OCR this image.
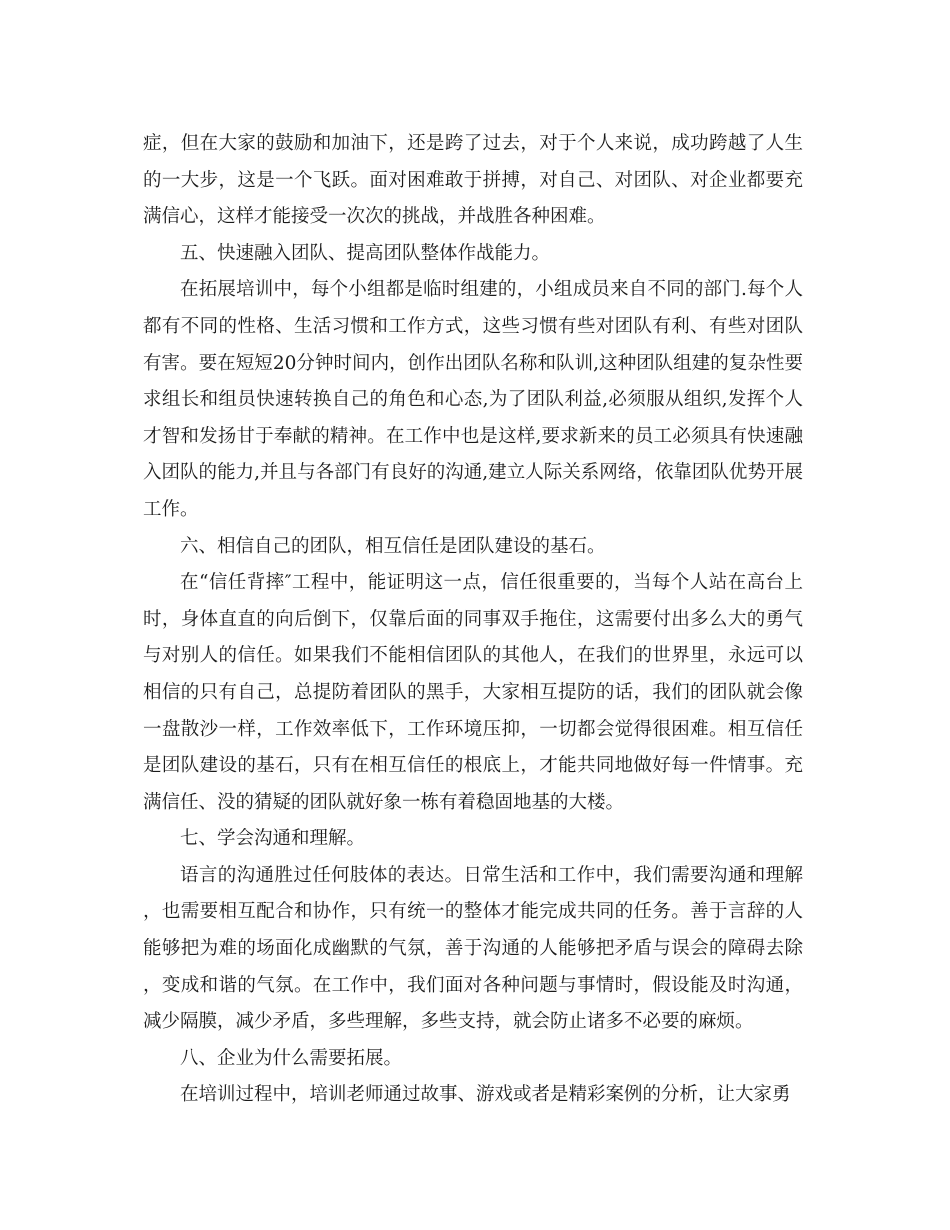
症，但在大家的鼓励和加油下，还是跨了过去，对于个人来说，成功跨越了人生的一大步，这是一个飞跃。面对困难敢于拼搏，对自己、对团队、对企业都要充满信心，这样才能接受一次次的挑战，并战胜各种困难。

五、快速融入团队、提高团队整体作战能力。

在拓展培训中，每个小组都是临时组建的，小组成员来自不同的部门.每个人都有不同的性格、生活习惯和工作方式，这些习惯有些对团队有利、有些对团队有害。要在短短20分钟时间内，创作出团队名称和队训,这种团队组建的复杂性要求组长和组员快速转换自己的角色和心态,为了团队利益,必须服从组织,发挥个人才智和发扬甘于奉献的精神。在工作中也是这样,要求新来的员工必须具有快速融入团队的能力,并且与各部门有良好的沟通,建立人际关系网络，依靠团队优势开展工作。

六、相信自己的团队，相互信任是团队建设的基石。

在“信任背摔″工程中，能证明这一点，信任很重要的，当每个人站在高台上时，身体直直的向后倒下，仅靠后面的同事双手拖住，这需要付出多么大的勇气与对别人的信任。如果我们不能相信团队的其他人，在我们的世界里，永远可以相信的只有自己，总提防着团队的黑手，大家相互提防的话，我们的团队就会像一盘散沙一样，工作效率低下，工作环境压抑，一切都会觉得很困难。相互信任是团队建设的基石，只有在相互信任的根底上，才能共同地做好每一件情事。充满信任、没的猜疑的团队就好象一栋有着稳固地基的大楼。

七、学会沟通和理解。

语言的沟通胜过任何肢体的表达。日常生活和工作中，我们需要沟通和理解，也需要相互配合和协作，只有统一的整体才能完成共同的任务。善于言辞的人能够把为难的场面化成幽默的气氛，善于沟通的人能够把矛盾与误会的障碍去除，变成和谐的气氛。在工作中，我们面对各种问题与事情时，假设能及时沟通，减少隔膜，减少矛盾，多些理解，多些支持，就会防止诸多不必要的麻烦。

八、企业为什么需要拓展。

在培训过程中，培训老师通过故事、游戏或者是精彩案例的分析，让大家勇
